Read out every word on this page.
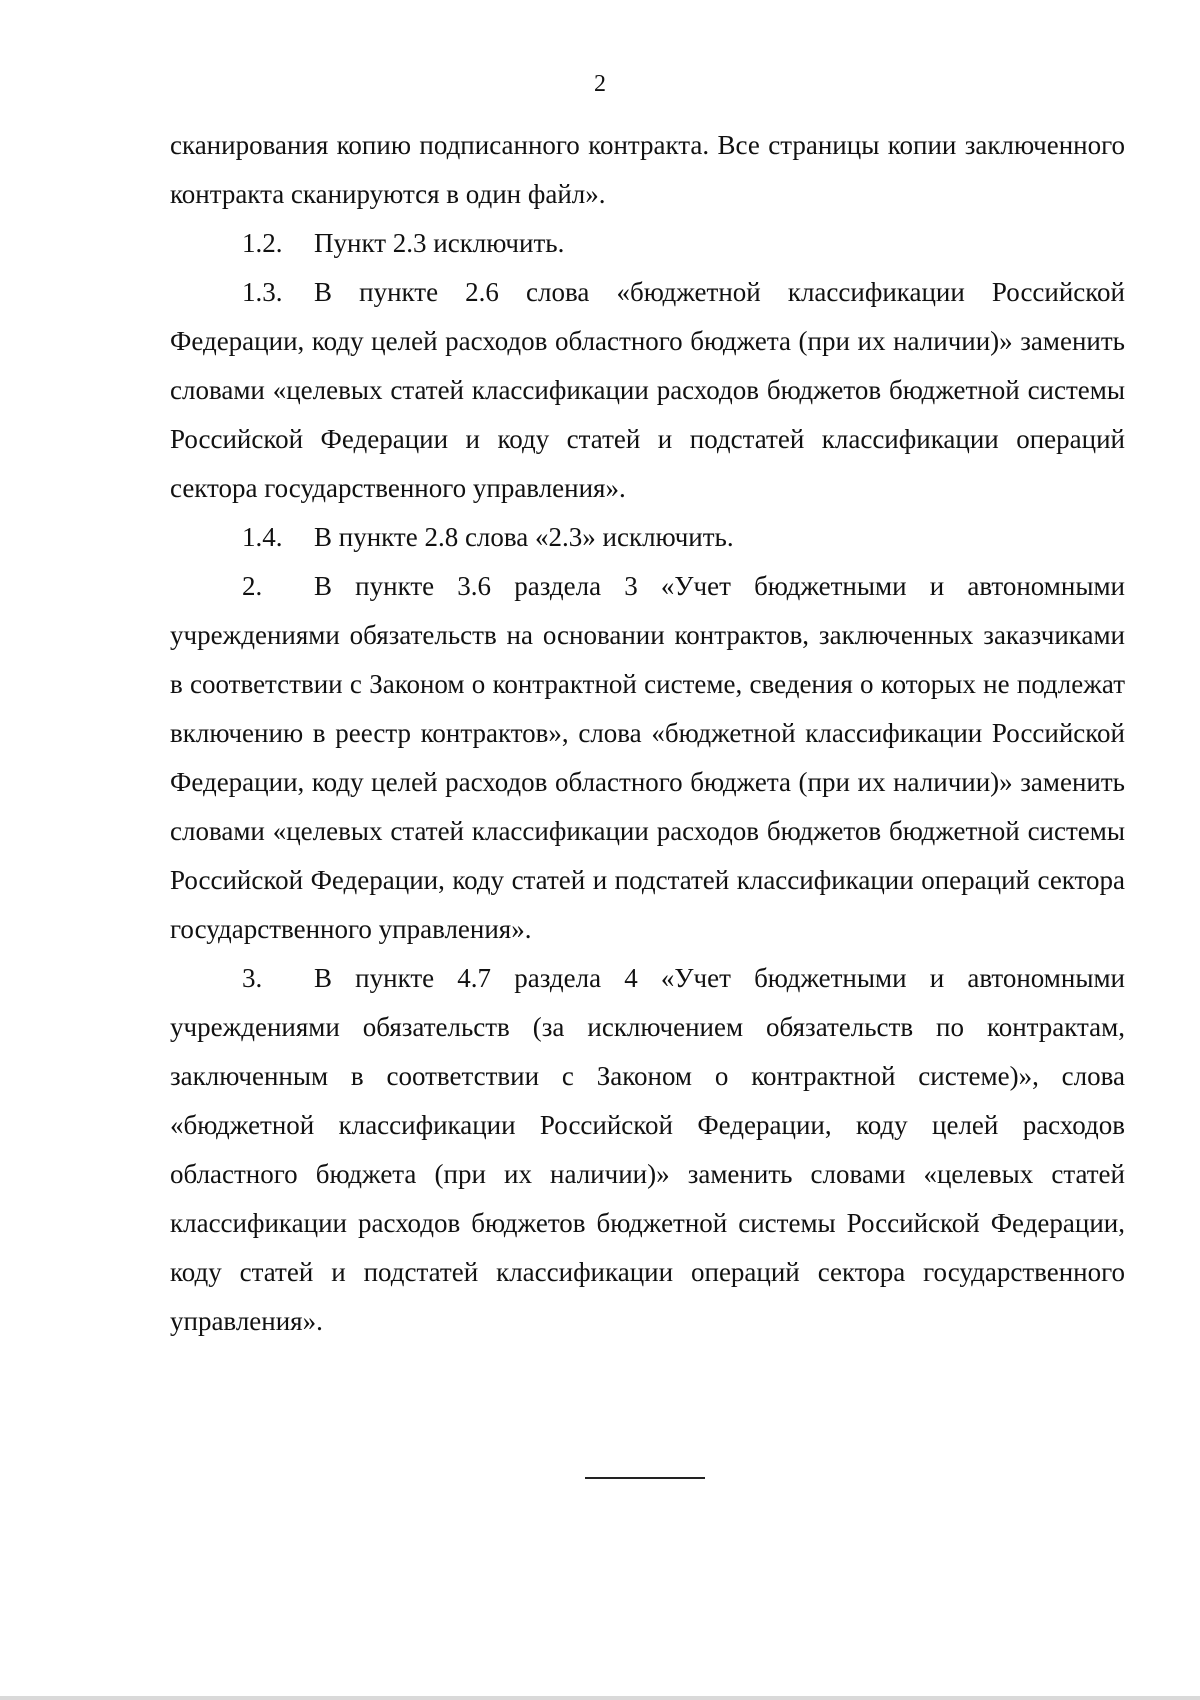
2

сканирования копию подписанного контракта. Все страницы копии заключенного контракта сканируются в один файл».

1.2. Пункт 2.3 исключить.

1.3. В пункте 2.6 слова «бюджетной классификации Российской Федерации, коду целей расходов областного бюджета (при их наличии)» заменить словами «целевых статей классификации расходов бюджетов бюджетной системы Российской Федерации и коду статей и подстатей классификации операций сектора государственного управления».

1.4. В пункте 2.8 слова «2.3» исключить.

2. В пункте 3.6 раздела 3 «Учет бюджетными и автономными учреждениями обязательств на основании контрактов, заключенных заказчиками в соответствии с Законом о контрактной системе, сведения о которых не подлежат включению в реестр контрактов», слова «бюджетной классификации Российской Федерации, коду целей расходов областного бюджета (при их наличии)» заменить словами «целевых статей классификации расходов бюджетов бюджетной системы Российской Федерации, коду статей и подстатей классификации операций сектора государственного управления».

3. В пункте 4.7 раздела 4 «Учет бюджетными и автономными учреждениями обязательств (за исключением обязательств по контрактам, заключенным в соответствии с Законом о контрактной системе)», слова «бюджетной классификации Российской Федерации, коду целей расходов областного бюджета (при их наличии)» заменить словами «целевых статей классификации расходов бюджетов бюджетной системы Российской Федерации, коду статей и подстатей классификации операций сектора государственного управления».
